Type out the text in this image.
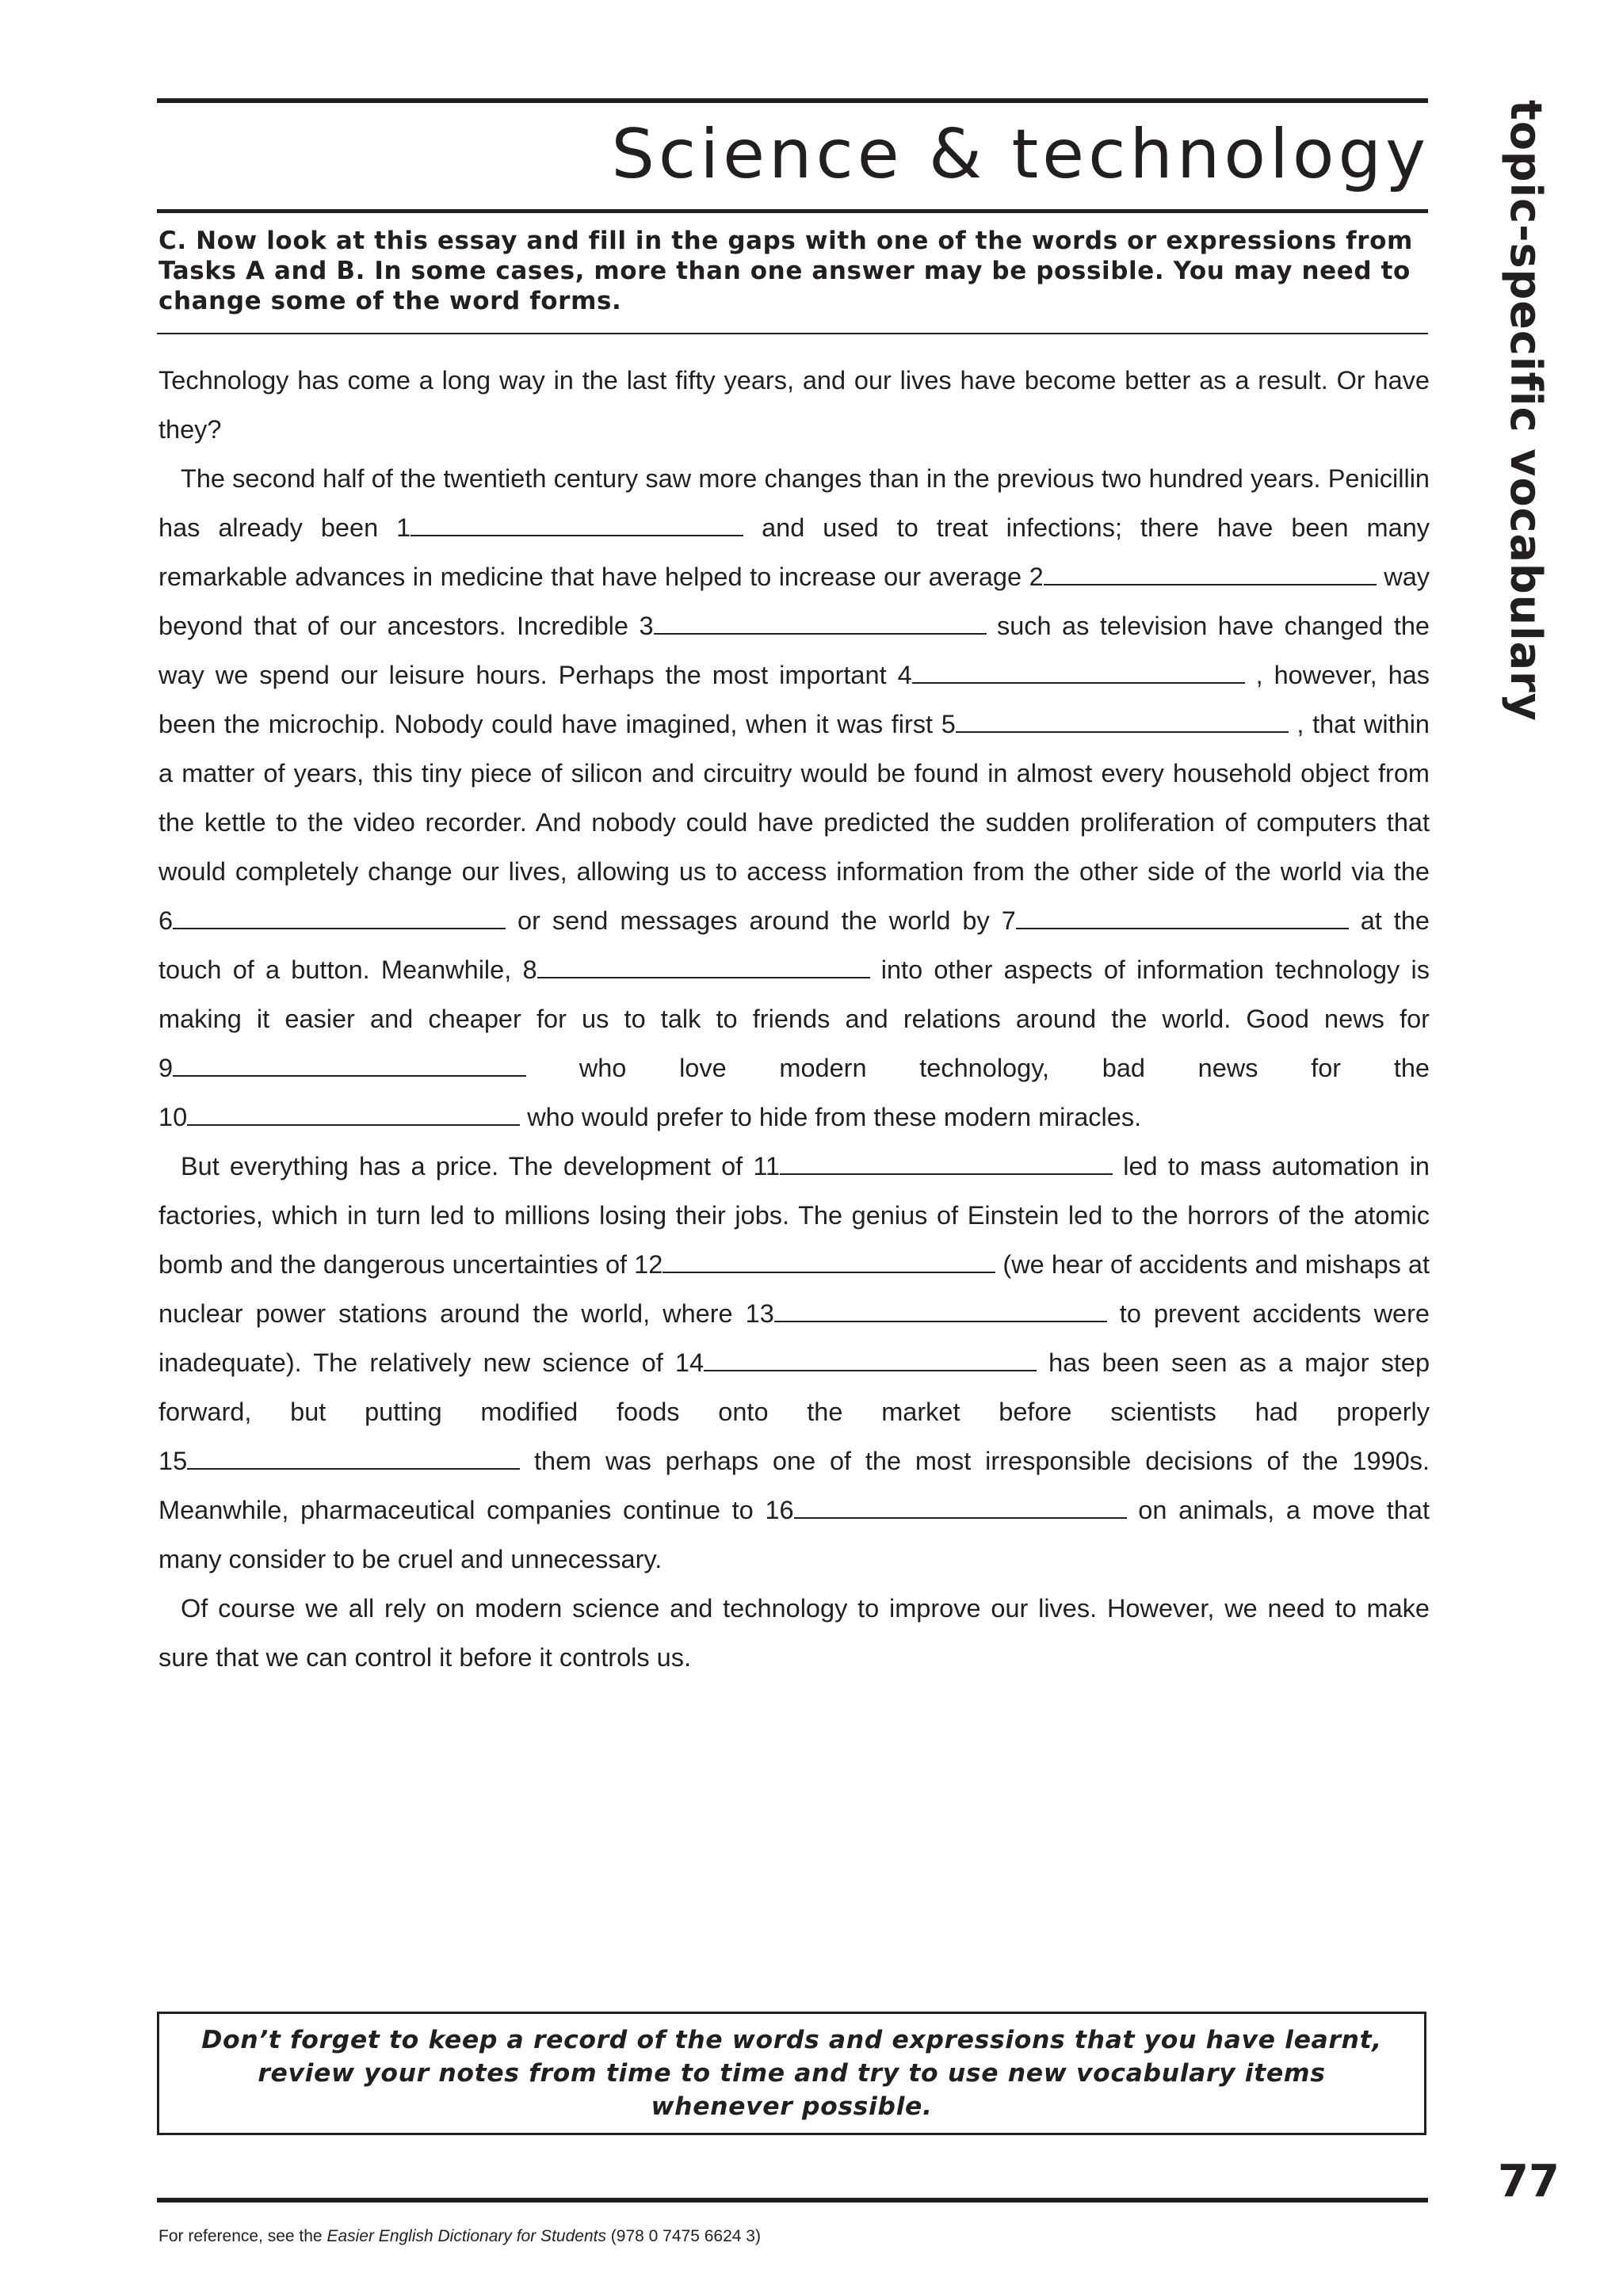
Science & technology topic-specific vocabulary

C. Now look at this essay and fill in the gaps with one of the words or expressions from Tasks A and B. In some cases, more than one answer may be possible. You may need to change some of the word forms.

Technology has come a long way in the last fifty years, and our lives have become better as a result. Or have they?

The second half of the twentieth century saw more changes than in the previous two hundred years. Penicillin has already been 1	and used to treat infections; there have been many remarkable advances in medicine that have helped to increase our average 2	way beyond that of our ancestors. Incredible 3	such as television have changed the way we spend our leisure hours. Perhaps the most important 4	, however, has been the microchip. Nobody could have imagined, when it was first 5	, that within a matter of years, this tiny piece of silicon and circuitry would be found in almost every household object from the kettle to the video recorder. And nobody could have predicted the sudden proliferation of computers that would completely change our lives, allowing us to access information from the other side of the world via the 6	or send messages around the world by 7	at the touch of a button. Meanwhile, 8	into other aspects of information technology is making it easier and cheaper for us to talk to friends and relations around the world. Good news for 9	who love modern technology, bad news for the 10	who would prefer to hide from these modern miracles.

But everything has a price. The development of 11	led to mass automation in factories, which in turn led to millions losing their jobs. The genius of Einstein led to the horrors of the atomic bomb and the dangerous uncertainties of 12	(we hear of accidents and mishaps at nuclear power stations around the world, where 13	to prevent accidents were inadequate). The relatively new science of 14	has been seen as a major step forward, but putting modified foods onto the market before scientists had properly 15	them was perhaps one of the most irresponsible decisions of the 1990s. Meanwhile, pharmaceutical companies continue to 16	on animals, a move that many consider to be cruel and unnecessary.

Of course we all rely on modern science and technology to improve our lives. However, we need to make sure that we can control it before it controls us.

Don’t forget to keep a record of the words and expressions that you have learnt, review your notes from time to time and try to use new vocabulary items whenever possible.

77
For reference, see the Easier English Dictionary for Students (978 0 7475 6624 3)
